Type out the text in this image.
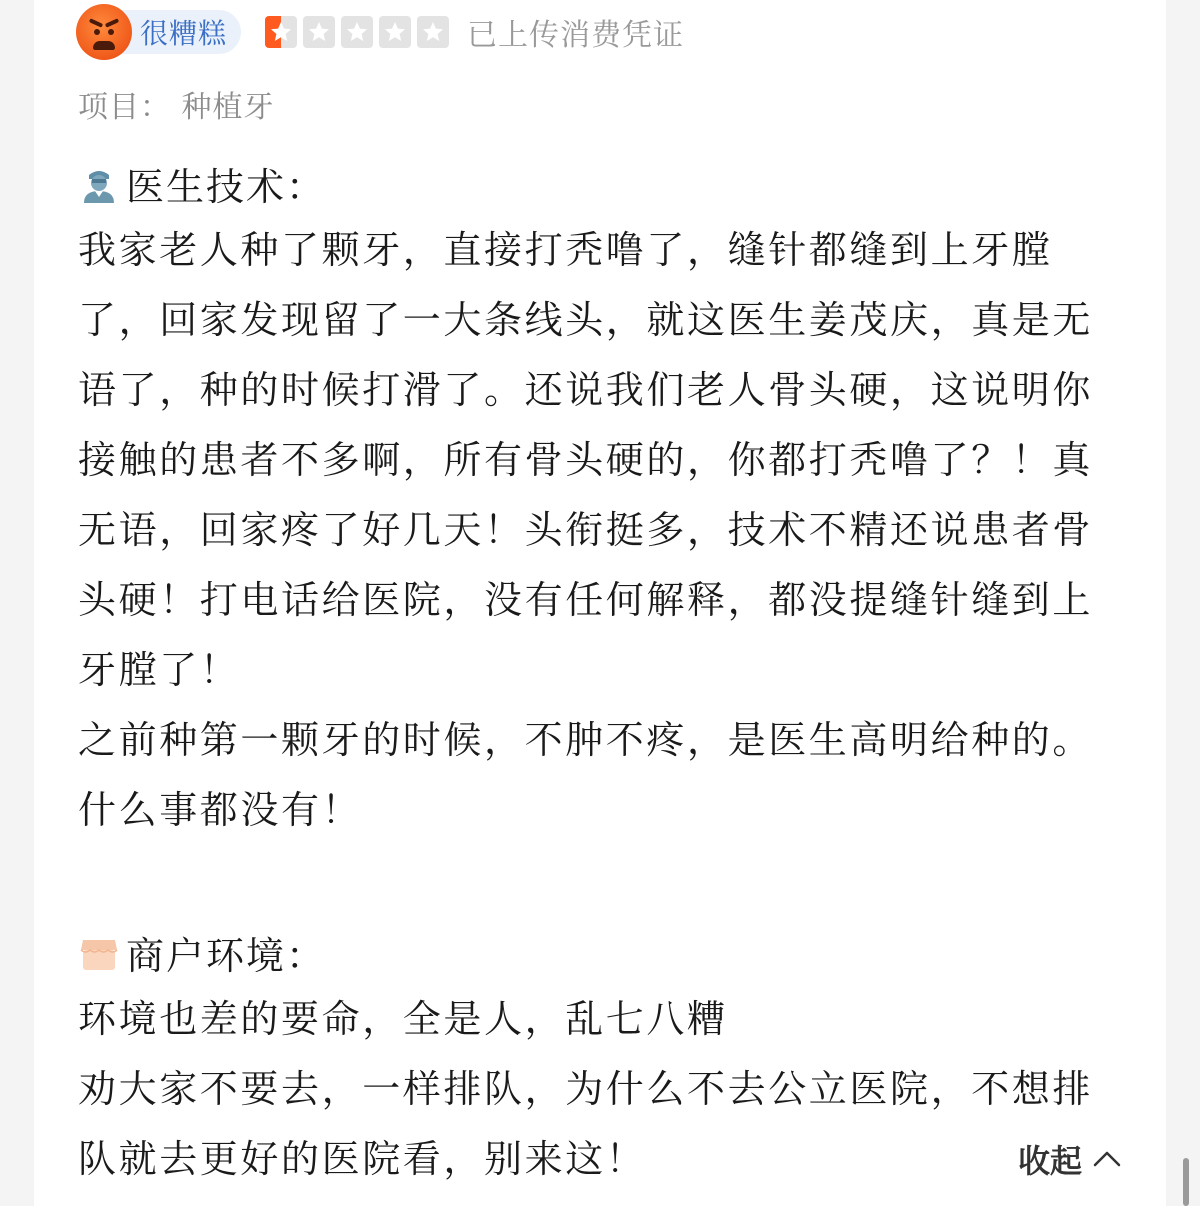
很糟糕	已上传消费凭证
项目： 种植牙
医生技术：
我家老人种了颗牙，直接打秃噜了，缝针都缝到上牙膛了，回家发现留了一大条线头，就这医生姜茂庆，真是无语了，种的时候打滑了。还说我们老人骨头硬，这说明你接触的患者不多啊，所有骨头硬的，你都打秃噜了？！真无语，回家疼了好几天！头衔挺多，技术不精还说患者骨头硬！打电话给医院，没有任何解释，都没提缝针缝到上牙膛了！
之前种第一颗牙的时候，不肿不疼，是医生高明给种的。什么事都没有！
商户环境：
环境也差的要命，全是人，乱七八糟
劝大家不要去，一样排队，为什么不去公立医院，不想排队就去更好的医院看，别来这！	收起
